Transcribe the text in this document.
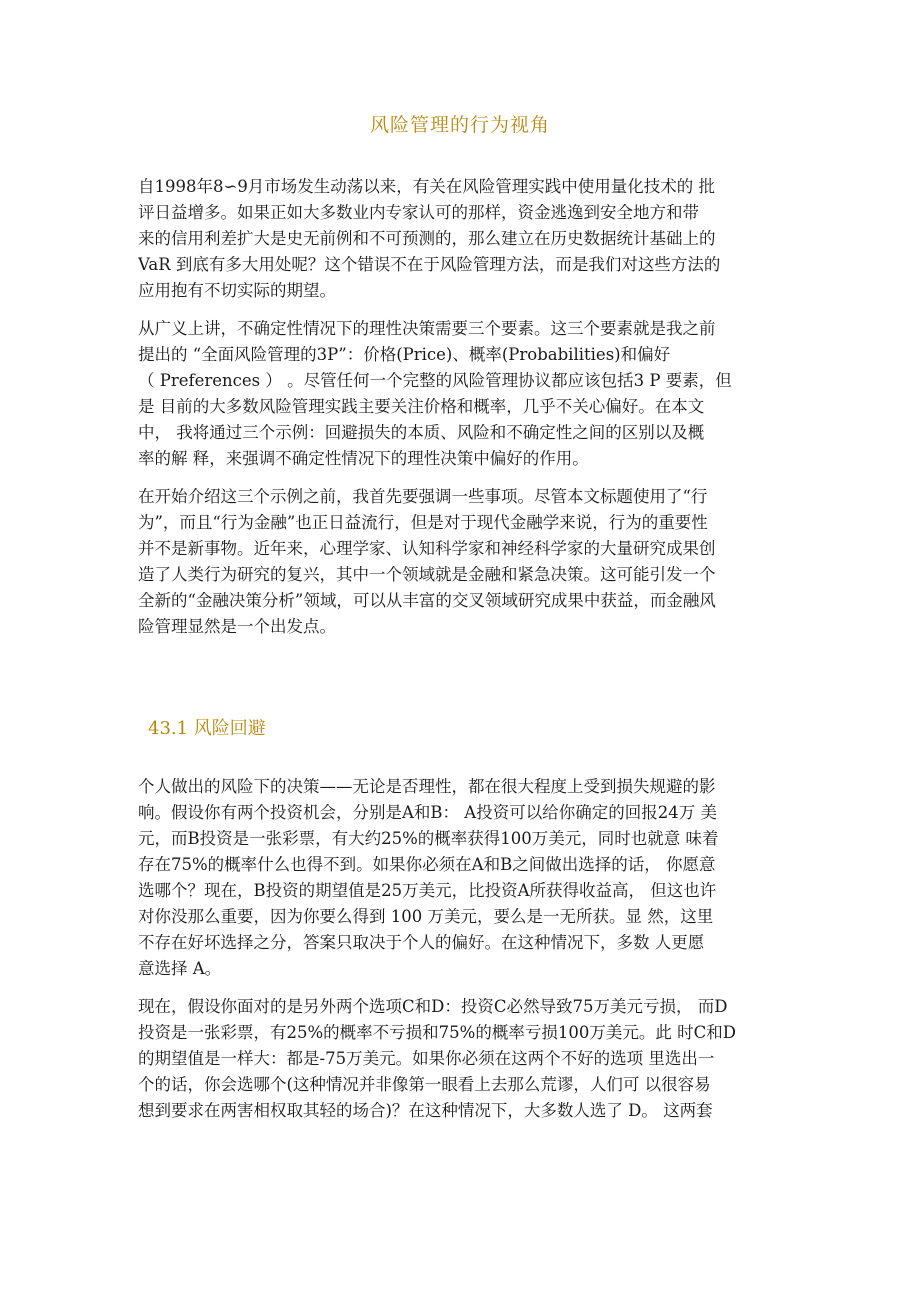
风险管理的行为视角

自1998年8∽9月市场发生动荡以来，有关在风险管理实践中使用量化技术的 批
评日益增多。如果正如大多数业内专家认可的那样，资金逃逸到安全地方和带
来的信用利差扩大是史无前例和不可预测的，那么建立在历史数据统计基础上的
VaR 到底有多大用处呢？这个错误不在于风险管理方法，而是我们对这些方法的
应用抱有不切实际的期望。

从广义上讲，不确定性情况下的理性决策需要三个要素。这三个要素就是我之前
提出的 “全面风险管理的3P”：价格(Price)、概率(Probabilities)和偏好
（ Preferences ） 。尽管任何一个完整的风险管理协议都应该包括3 P 要素，但
是 目前的大多数风险管理实践主要关注价格和概率，几乎不关心偏好。在本文
中， 我将通过三个示例：回避损失的本质、风险和不确定性之间的区别以及概
率的解 释，来强调不确定性情况下的理性决策中偏好的作用。

在开始介绍这三个示例之前，我首先要强调一些事项。尽管本文标题使用了“行
为”，而且“行为金融”也正日益流行，但是对于现代金融学来说，行为的重要性
并不是新事物。近年来，心理学家、认知科学家和神经科学家的大量研究成果创
造了人类行为研究的复兴，其中一个领域就是金融和紧急决策。这可能引发一个
全新的“金融决策分析”领域，可以从丰富的交叉领域研究成果中获益，而金融风
险管理显然是一个出发点。

43.1 风险回避

个人做出的风险下的决策——无论是否理性，都在很大程度上受到损失规避的影
响。假设你有两个投资机会，分别是A和B： A投资可以给你确定的回报24万 美
元，而B投资是一张彩票，有大约25%的概率获得100万美元，同时也就意 味着
存在75%的概率什么也得不到。如果你必须在A和B之间做出选择的话， 你愿意
选哪个？现在，B投资的期望值是25万美元，比投资A所获得收益高， 但这也许
对你没那么重要，因为你要么得到 100 万美元，要么是一无所获。显 然，这里
不存在好坏选择之分，答案只取决于个人的偏好。在这种情况下，多数 人更愿
意选择 A。

现在，假设你面对的是另外两个选项C和D：投资C必然导致75万美元亏损， 而D
投资是一张彩票，有25%的概率不亏损和75%的概率亏损100万美元。此 时C和D
的期望值是一样大：都是-75万美元。如果你必须在这两个不好的选项 里选出一
个的话，你会选哪个(这种情况并非像第一眼看上去那么荒谬，人们可 以很容易
想到要求在两害相权取其轻的场合)？在这种情况下，大多数人选了 D。 这两套
